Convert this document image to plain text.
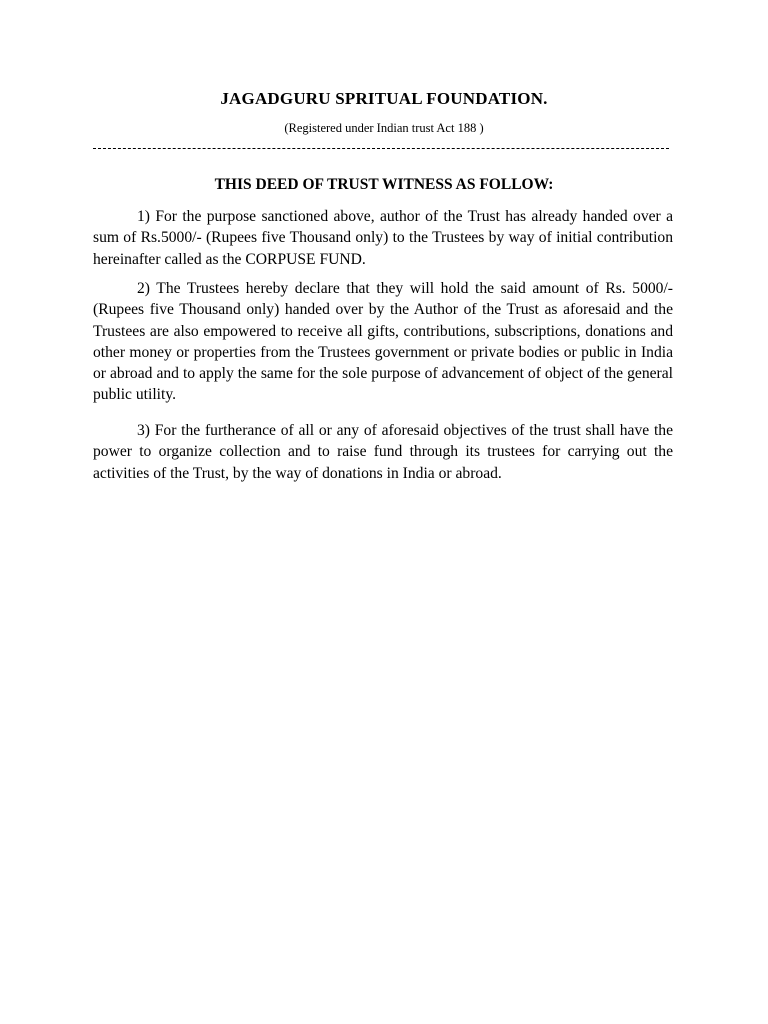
JAGADGURU SPRITUAL FOUNDATION.
(Registered under Indian trust Act 188 )
THIS DEED OF TRUST WITNESS AS FOLLOW:

1) For the purpose sanctioned above, author of the Trust has already handed over a sum of Rs.5000/- (Rupees five Thousand only) to the Trustees by way of initial contribution hereinafter called as the CORPUSE FUND.

2) The Trustees hereby declare that they will hold the said amount of Rs. 5000/- (Rupees five Thousand only) handed over by the Author of the Trust as aforesaid and the Trustees are also empowered to receive all gifts, contributions, subscriptions, donations and other money or properties from the Trustees government or private bodies or public in India or abroad and to apply the same for the sole purpose of advancement of object of the general public utility.

3) For the furtherance of all or any of aforesaid objectives of the trust shall have the power to organize collection and to raise fund through its trustees for carrying out the activities of the Trust, by the way of donations in India or abroad.
